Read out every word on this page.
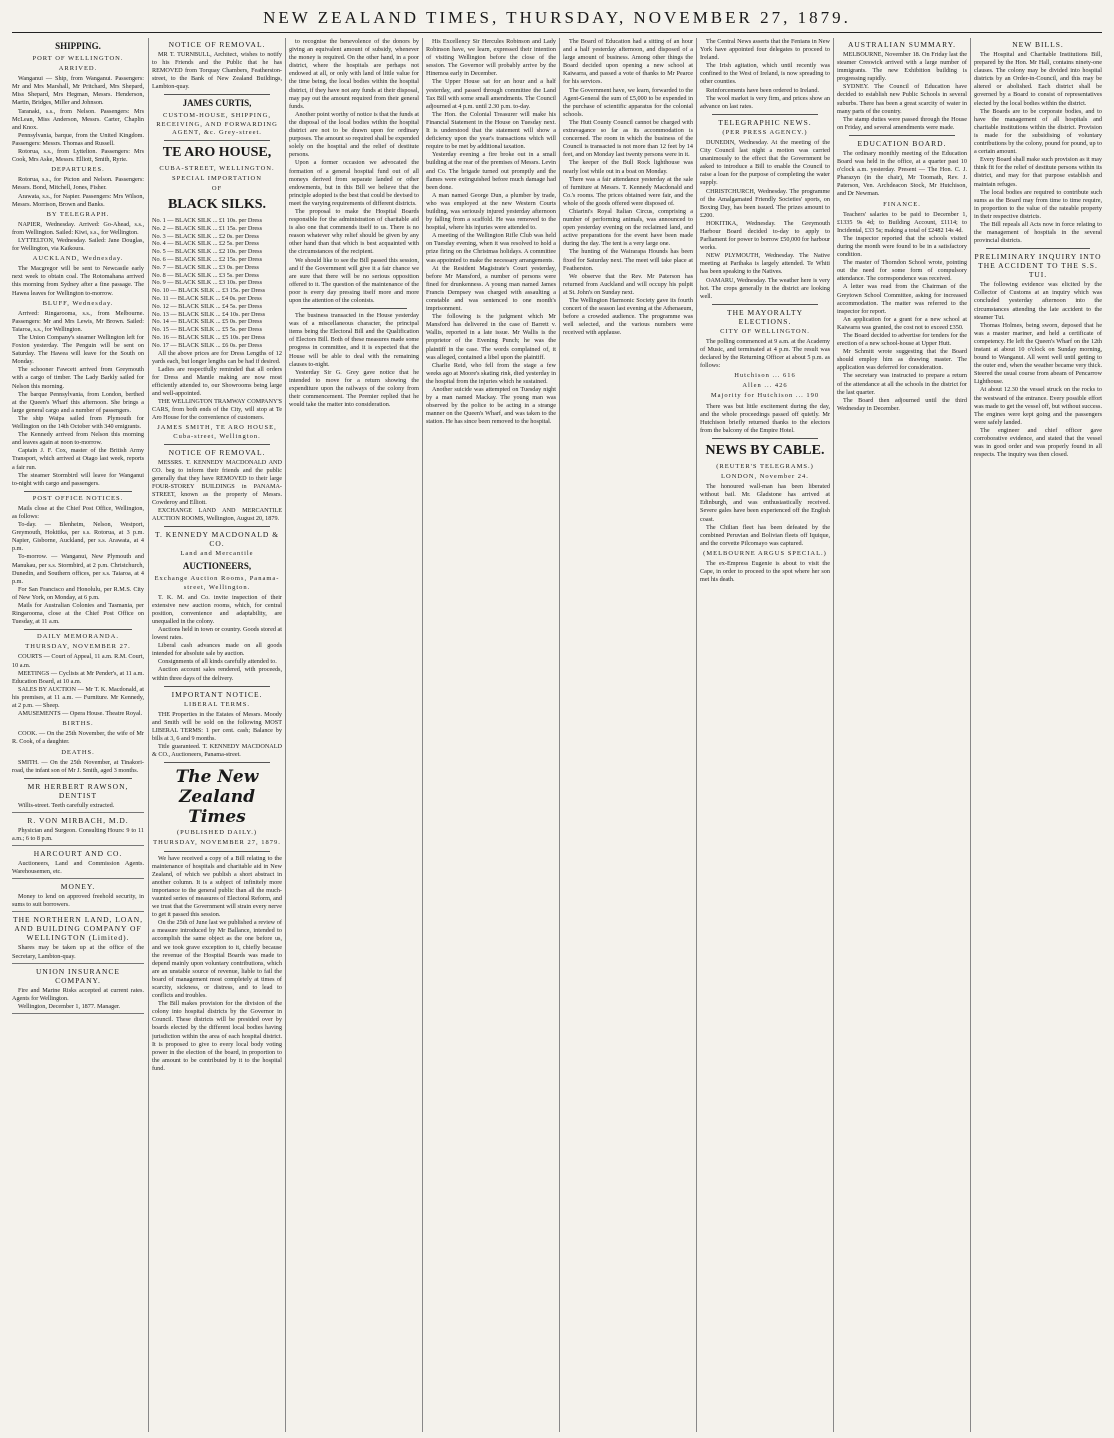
NEW ZEALAND TIMES, THURSDAY, NOVEMBER 27, 1879.

SHIPPING.

PORT OF WELLINGTON.

ARRIVED.

Wanganui — Ship, from Wanganui. Passengers: Mr and Mrs Marshall, Mr Pritchard, Mrs Shepard, Miss Shepard, Mrs Hegman, Messrs. Henderson, Martin, Bridges, Miller and Johnson.

Taranaki, s.s., from Nelson. Passengers: Mrs McLean, Miss Anderson, Messrs. Carter, Chaplin and Knox.

Pennsylvania, barque, from the United Kingdom. Passengers: Messrs. Thomas and Russell.

Rotorua, s.s., from Lyttelton. Passengers: Mrs Cook, Mrs Aske, Messrs. Elliott, Smith, Ryrie.

DEPARTURES.

Rotorua, s.s., for Picton and Nelson. Passengers: Messrs. Bond, Mitchell, Jones, Fisher.

Arawata, s.s., for Napier. Passengers: Mrs Wilson, Messrs. Morrison, Brown and Banks.

BY TELEGRAPH.

NAPIER, Wednesday. Arrived: Go-Ahead, s.s., from Wellington. Sailed: Kiwi, s.s., for Wellington.

LYTTELTON, Wednesday. Sailed: Jane Douglas, for Wellington, via Kaikoura.

AUCKLAND, Wednesday.

The Macgregor will be sent to Newcastle early next week to obtain coal. The Rotomahana arrived this morning from Sydney after a fine passage. The Hawea leaves for Wellington to-morrow.

BLUFF, Wednesday.

Arrived: Ringarooma, s.s., from Melbourne. Passengers: Mr and Mrs Lewis, Mr Brown. Sailed: Taiaroa, s.s., for Wellington.

The Union Company's steamer Wellington left for Foxton yesterday. The Penguin will be sent on Saturday. The Hawea will leave for the South on Monday.

The schooner Fawcett arrived from Greymouth with a cargo of timber. The Lady Barkly sailed for Nelson this morning.

The barque Pennsylvania, from London, berthed at the Queen's Wharf this afternoon. She brings a large general cargo and a number of passengers.

The ship Waipa sailed from Plymouth for Wellington on the 14th October with 340 emigrants.

The Kennedy arrived from Nelson this morning and leaves again at noon to-morrow.

Captain J. F. Cox, master of the British Army Transport, which arrived at Otago last week, reports a fair run.

The steamer Stormbird will leave for Wanganui to-night with cargo and passengers.

POST OFFICE NOTICES.

Mails close at the Chief Post Office, Wellington, as follows:

To-day. — Blenheim, Nelson, Westport, Greymouth, Hokitika, per s.s. Rotorua, at 3 p.m. Napier, Gisborne, Auckland, per s.s. Arawata, at 4 p.m.

To-morrow. — Wanganui, New Plymouth and Manukau, per s.s. Stormbird, at 2 p.m. Christchurch, Dunedin, and Southern offices, per s.s. Taiaroa, at 4 p.m.

For San Francisco and Honolulu, per R.M.S. City of New York, on Monday, at 6 p.m.

Mails for Australian Colonies and Tasmania, per Ringarooma, close at the Chief Post Office on Tuesday, at 11 a.m.

DAILY MEMORANDA.

THURSDAY, NOVEMBER 27.

COURTS — Court of Appeal, 11 a.m. R.M. Court, 10 a.m.

MEETINGS — Cyclists at Mr Pender's, at 11 a.m. Education Board, at 10 a.m.

SALES BY AUCTION — Mr T. K. Macdonald, at his premises, at 11 a.m. — Furniture. Mr Kennedy, at 2 p.m. — Sheep.

AMUSEMENTS — Opera House. Theatre Royal.

BIRTHS.

COOK. — On the 25th November, the wife of Mr R. Cook, of a daughter.

DEATHS.

SMITH. — On the 25th November, at Tinakori-road, the infant son of Mr J. Smith, aged 3 months.

MR HERBERT RAWSON, DENTIST

Willis-street. Teeth carefully extracted.

R. VON MIRBACH, M.D.

Physician and Surgeon. Consulting Hours: 9 to 11 a.m.; 6 to 8 p.m.

HARCOURT AND CO.

Auctioneers, Land and Commission Agents. Warehousemen, etc.

MONEY.

Money to lend on approved freehold security, in sums to suit borrowers.

THE NORTHERN LAND, LOAN, AND BUILDING COMPANY OF WELLINGTON (Limited).

Shares may be taken up at the office of the Secretary, Lambton-quay.

UNION INSURANCE COMPANY.

Fire and Marine Risks accepted at current rates. Agents for Wellington.

Wellington, December 1, 1877. Manager.

NOTICE OF REMOVAL.

MR T. TURNBULL, Architect, wishes to notify to his Friends and the Public that he has REMOVED from Torquay Chambers, Featherston-street, to the Bank of New Zealand Buildings, Lambton-quay.

JAMES CURTIS,

CUSTOM-HOUSE, SHIPPING, RECEIVING, AND FORWARDING AGENT, &c. Grey-street.

TE ARO HOUSE,

CUBA-STREET, WELLINGTON.

SPECIAL IMPORTATION

OF

BLACK SILKS.

No. 1 — BLACK SILK ... £1 10s. per Dress

No. 2 — BLACK SILK ... £1 15s. per Dress

No. 3 — BLACK SILK ... £2 0s. per Dress

No. 4 — BLACK SILK ... £2 5s. per Dress

No. 5 — BLACK SILK ... £2 10s. per Dress

No. 6 — BLACK SILK ... £2 15s. per Dress

No. 7 — BLACK SILK ... £3 0s. per Dress

No. 8 — BLACK SILK ... £3 5s. per Dress

No. 9 — BLACK SILK ... £3 10s. per Dress

No. 10 — BLACK SILK ... £3 15s. per Dress

No. 11 — BLACK SILK ... £4 0s. per Dress

No. 12 — BLACK SILK ... £4 5s. per Dress

No. 13 — BLACK SILK ... £4 10s. per Dress

No. 14 — BLACK SILK ... £5 0s. per Dress

No. 15 — BLACK SILK ... £5 5s. per Dress

No. 16 — BLACK SILK ... £5 10s. per Dress

No. 17 — BLACK SILK ... £6 0s. per Dress

All the above prices are for Dress Lengths of 12 yards each, but longer lengths can be had if desired.

Ladies are respectfully reminded that all orders for Dress and Mantle making are now most efficiently attended to, our Showrooms being large and well-appointed.

THE WELLINGTON TRAMWAY COMPANY'S CARS, from both ends of the City, will stop at Te Aro House for the convenience of customers.

JAMES SMITH, TE ARO HOUSE, Cuba-street, Wellington.

NOTICE OF REMOVAL.

MESSRS. T. KENNEDY MACDONALD AND CO. beg to inform their friends and the public generally that they have REMOVED to their large FOUR-STOREY BUILDINGS in PANAMA-STREET, known as the property of Messrs. Cowderoy and Elliott.

EXCHANGE LAND AND MERCANTILE AUCTION ROOMS, Wellington, August 20, 1879.

T. KENNEDY MACDONALD & CO.

Land and Mercantile

AUCTIONEERS,

Exchange Auction Rooms, Panama-street, Wellington.

T. K. M. and Co. invite inspection of their extensive new auction rooms, which, for central position, convenience and adaptability, are unequalled in the colony.

Auctions held in town or country. Goods stored at lowest rates.

Liberal cash advances made on all goods intended for absolute sale by auction.

Consignments of all kinds carefully attended to.

Auction account sales rendered, with proceeds, within three days of the delivery.

IMPORTANT NOTICE.

LIBERAL TERMS.

THE Properties in the Estates of Messrs. Moody and Smith will be sold on the following MOST LIBERAL TERMS: 1 per cent. cash; Balance by bills at 3, 6 and 9 months.

Title guaranteed. T. KENNEDY MACDONALD & CO., Auctioneers, Panama-street.

The New Zealand Times

(PUBLISHED DAILY.)

THURSDAY, NOVEMBER 27, 1879.

We have received a copy of a Bill relating to the maintenance of hospitals and charitable aid in New Zealand, of which we publish a short abstract in another column. It is a subject of infinitely more importance to the general public than all the much-vaunted series of measures of Electoral Reform, and we trust that the Government will strain every nerve to get it passed this session.

On the 25th of June last we published a review of a measure introduced by Mr Ballance, intended to accomplish the same object as the one before us, and we took grave exception to it, chiefly because the revenue of the Hospital Boards was made to depend mainly upon voluntary contributions, which are an unstable source of revenue, liable to fail the board of management most completely at times of scarcity, sickness, or distress, and to lead to conflicts and troubles.

The Bill makes provision for the division of the colony into hospital districts by the Governor in Council. These districts will be presided over by boards elected by the different local bodies having jurisdiction within the area of each hospital district. It is proposed to give to every local body voting power in the election of the board, in proportion to the amount to be contributed by it to the hospital fund.

to recognise the benevolence of the donors by giving an equivalent amount of subsidy, whenever the money is required. On the other hand, in a poor district, where the hospitals are perhaps not endowed at all, or only with land of little value for the time being, the local bodies within the hospital district, if they have not any funds at their disposal, may pay out the amount required from their general funds.

Another point worthy of notice is that the funds at the disposal of the local bodies within the hospital district are not to be drawn upon for ordinary purposes. The amount so required shall be expended solely on the hospital and the relief of destitute persons.

Upon a former occasion we advocated the formation of a general hospital fund out of all moneys derived from separate landed or other endowments, but in this Bill we believe that the principle adopted is the best that could be devised to meet the varying requirements of different districts.

The proposal to make the Hospital Boards responsible for the administration of charitable aid is also one that commends itself to us. There is no reason whatever why relief should be given by any other hand than that which is best acquainted with the circumstances of the recipient.

We should like to see the Bill passed this session, and if the Government will give it a fair chance we are sure that there will be no serious opposition offered to it. The question of the maintenance of the poor is every day pressing itself more and more upon the attention of the colonists.

The business transacted in the House yesterday was of a miscellaneous character, the principal items being the Electoral Bill and the Qualification of Electors Bill. Both of these measures made some progress in committee, and it is expected that the House will be able to deal with the remaining clauses to-night.

Yesterday Sir G. Grey gave notice that he intended to move for a return showing the expenditure upon the railways of the colony from their commencement. The Premier replied that he would take the matter into consideration.

His Excellency Sir Hercules Robinson and Lady Robinson have, we learn, expressed their intention of visiting Wellington before the close of the session. The Governor will probably arrive by the Hinemoa early in December.

The Upper House sat for an hour and a half yesterday, and passed through committee the Land Tax Bill with some small amendments. The Council adjourned at 4 p.m. until 2.30 p.m. to-day.

The Hon. the Colonial Treasurer will make his Financial Statement in the House on Tuesday next. It is understood that the statement will show a deficiency upon the year's transactions which will require to be met by additional taxation.

Yesterday evening a fire broke out in a small building at the rear of the premises of Messrs. Levin and Co. The brigade turned out promptly and the flames were extinguished before much damage had been done.

A man named George Dun, a plumber by trade, who was employed at the new Western Courts building, was seriously injured yesterday afternoon by falling from a scaffold. He was removed to the hospital, where his injuries were attended to.

A meeting of the Wellington Rifle Club was held on Tuesday evening, when it was resolved to hold a prize firing on the Christmas holidays. A committee was appointed to make the necessary arrangements.

At the Resident Magistrate's Court yesterday, before Mr Mansford, a number of persons were fined for drunkenness. A young man named James Francis Dempsey was charged with assaulting a constable and was sentenced to one month's imprisonment.

The following is the judgment which Mr Mansford has delivered in the case of Barrett v. Wallis, reported in a late issue. Mr Wallis is the proprietor of the Evening Punch; he was the plaintiff in the case. The words complained of, it was alleged, contained a libel upon the plaintiff.

Charlie Reid, who fell from the stage a few weeks ago at Moore's skating rink, died yesterday in the hospital from the injuries which he sustained.

Another suicide was attempted on Tuesday night by a man named Mackay. The young man was observed by the police to be acting in a strange manner on the Queen's Wharf, and was taken to the station. He has since been removed to the hospital.

The Board of Education had a sitting of an hour and a half yesterday afternoon, and disposed of a large amount of business. Among other things the Board decided upon opening a new school at Kaiwarra, and passed a vote of thanks to Mr Pearce for his services.

The Government have, we learn, forwarded to the Agent-General the sum of £5,000 to be expended in the purchase of scientific apparatus for the colonial schools.

The Hutt County Council cannot be charged with extravagance so far as its accommodation is concerned. The room in which the business of the Council is transacted is not more than 12 feet by 14 feet, and on Monday last twenty persons were in it.

The keeper of the Bull Rock lighthouse was nearly lost while out in a boat on Monday.

There was a fair attendance yesterday at the sale of furniture at Messrs. T. Kennedy Macdonald and Co.'s rooms. The prices obtained were fair, and the whole of the goods offered were disposed of.

Chiarini's Royal Italian Circus, comprising a number of performing animals, was announced to open yesterday evening on the reclaimed land, and active preparations for the event have been made during the day. The tent is a very large one.

The hunting of the Wairarapa Hounds has been fixed for Saturday next. The meet will take place at Featherston.

We observe that the Rev. Mr Paterson has returned from Auckland and will occupy his pulpit at St. John's on Sunday next.

The Wellington Harmonic Society gave its fourth concert of the season last evening at the Athenaeum, before a crowded audience. The programme was well selected, and the various numbers were received with applause.

The Central News asserts that the Fenians in New York have appointed four delegates to proceed to Ireland.

The Irish agitation, which until recently was confined to the West of Ireland, is now spreading to other counties.

Reinforcements have been ordered to Ireland.

The wool market is very firm, and prices show an advance on last rates.

TELEGRAPHIC NEWS.

(PER PRESS AGENCY.)

DUNEDIN, Wednesday. At the meeting of the City Council last night a motion was carried unanimously to the effect that the Government be asked to introduce a Bill to enable the Council to raise a loan for the purpose of completing the water supply.

CHRISTCHURCH, Wednesday. The programme of the Amalgamated Friendly Societies' sports, on Boxing Day, has been issued. The prizes amount to £200.

HOKITIKA, Wednesday. The Greymouth Harbour Board decided to-day to apply to Parliament for power to borrow £50,000 for harbour works.

NEW PLYMOUTH, Wednesday. The Native meeting at Parihaka is largely attended. Te Whiti has been speaking to the Natives.

OAMARU, Wednesday. The weather here is very hot. The crops generally in the district are looking well.

THE MAYORALTY ELECTIONS.

CITY OF WELLINGTON.

The polling commenced at 9 a.m. at the Academy of Music, and terminated at 4 p.m. The result was declared by the Returning Officer at about 5 p.m. as follows:

Hutchison ... 616

Allen ... 426

Majority for Hutchison ... 190

There was but little excitement during the day, and the whole proceedings passed off quietly. Mr Hutchison briefly returned thanks to the electors from the balcony of the Empire Hotel.

NEWS BY CABLE.

(REUTER'S TELEGRAMS.)

LONDON, November 24.

The honoured wall-man has been liberated without bail. Mr. Gladstone has arrived at Edinburgh, and was enthusiastically received. Severe gales have been experienced off the English coast.

The Chilian fleet has been defeated by the combined Peruvian and Bolivian fleets off Iquique, and the corvette Pilcomayo was captured.

(MELBOURNE ARGUS SPECIAL.)

The ex-Empress Eugenie is about to visit the Cape, in order to proceed to the spot where her son met his death.

AUSTRALIAN SUMMARY.

MELBOURNE, November 18. On Friday last the steamer Creswick arrived with a large number of immigrants. The new Exhibition building is progressing rapidly.

SYDNEY. The Council of Education have decided to establish new Public Schools in several suburbs. There has been a great scarcity of water in many parts of the country.

The stamp duties were passed through the House on Friday, and several amendments were made.

EDUCATION BOARD.

The ordinary monthly meeting of the Education Board was held in the office, at a quarter past 10 o'clock a.m. yesterday. Present — The Hon. C. J. Pharazyn (in the chair), Mr Toomath, Rev. J. Paterson, Ven. Archdeacon Stock, Mr Hutchison, and Dr Newman.

FINANCE.

Teachers' salaries to be paid to December 1, £1335 9s 4d; to Building Account, £1114; to Incidental, £33 5s; making a total of £2482 14s 4d.

The inspector reported that the schools visited during the month were found to be in a satisfactory condition.

The master of Thorndon School wrote, pointing out the need for some form of compulsory attendance. The correspondence was received.

A letter was read from the Chairman of the Greytown School Committee, asking for increased accommodation. The matter was referred to the inspector for report.

An application for a grant for a new school at Kaiwarra was granted, the cost not to exceed £350.

The Board decided to advertise for tenders for the erection of a new school-house at Upper Hutt.

Mr Schmitt wrote suggesting that the Board should employ him as drawing master. The application was deferred for consideration.

The secretary was instructed to prepare a return of the attendance at all the schools in the district for the last quarter.

The Board then adjourned until the third Wednesday in December.

NEW BILLS.

The Hospital and Charitable Institutions Bill, prepared by the Hon. Mr Hall, contains ninety-one clauses. The colony may be divided into hospital districts by an Order-in-Council, and this may be altered or abolished. Each district shall be governed by a Board to consist of representatives elected by the local bodies within the district.

The Boards are to be corporate bodies, and to have the management of all hospitals and charitable institutions within the district. Provision is made for the subsidising of voluntary contributions by the colony, pound for pound, up to a certain amount.

Every Board shall make such provision as it may think fit for the relief of destitute persons within its district, and may for that purpose establish and maintain refuges.

The local bodies are required to contribute such sums as the Board may from time to time require, in proportion to the value of the rateable property in their respective districts.

The Bill repeals all Acts now in force relating to the management of hospitals in the several provincial districts.

PRELIMINARY INQUIRY INTO THE ACCIDENT TO THE S.S. TUI.

The following evidence was elicited by the Collector of Customs at an inquiry which was concluded yesterday afternoon into the circumstances attending the late accident to the steamer Tui.

Thomas Holmes, being sworn, deposed that he was a master mariner, and held a certificate of competency. He left the Queen's Wharf on the 12th instant at about 10 o'clock on Sunday morning, bound to Wanganui. All went well until getting to the outer end, when the weather became very thick. Steered the usual course from abeam of Pencarrow Lighthouse.

At about 12.30 the vessel struck on the rocks to the westward of the entrance. Every possible effort was made to get the vessel off, but without success. The engines were kept going and the passengers were safely landed.

The engineer and chief officer gave corroborative evidence, and stated that the vessel was in good order and was properly found in all respects. The inquiry was then closed.
